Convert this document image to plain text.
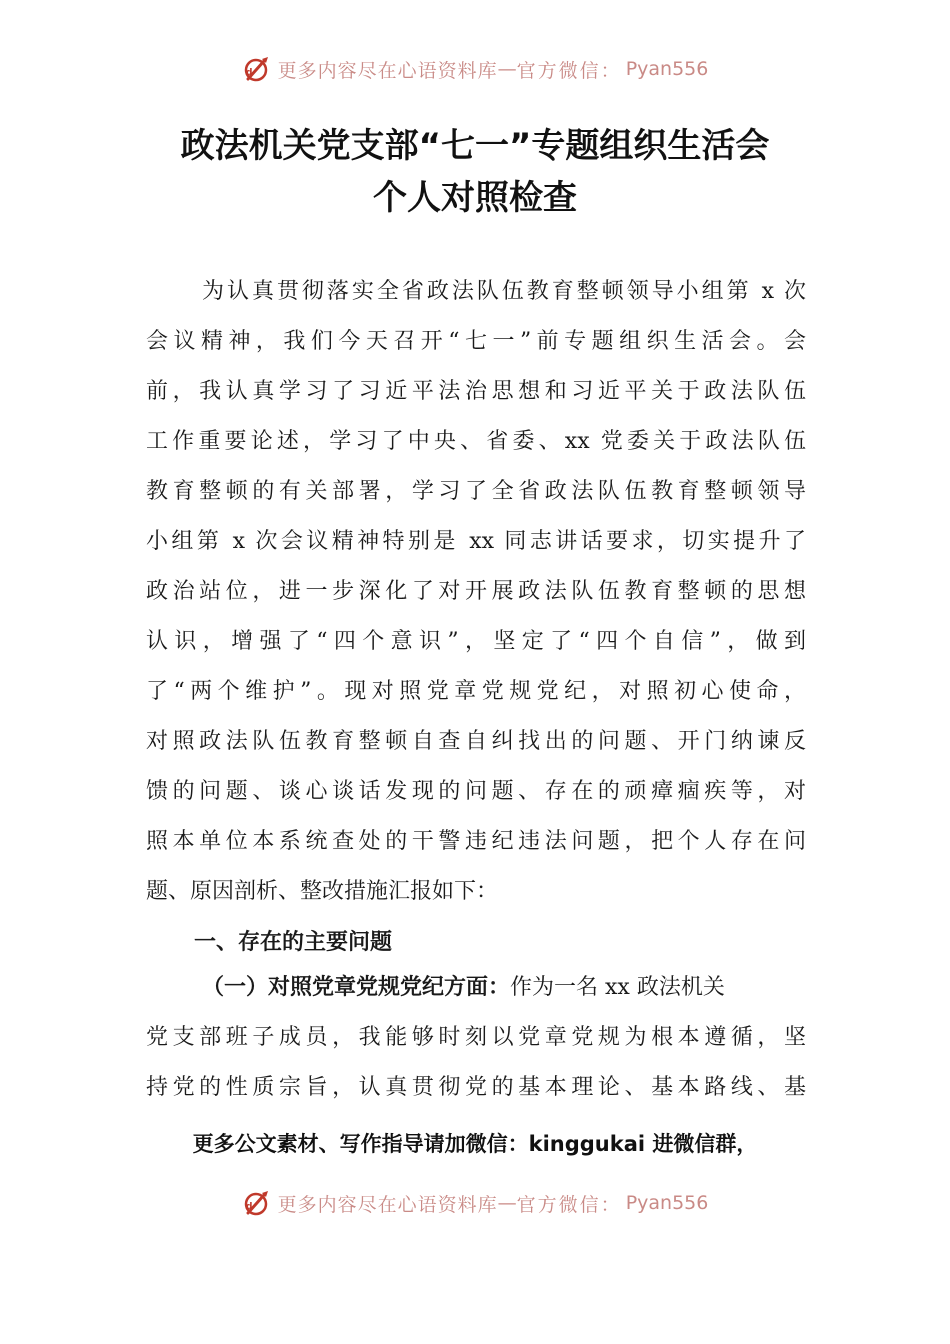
d 更多内容尽在心语资料库 — 官方微信： Pyan556
政法机关党支部“七一”专题组织生活会
个人对照检查
为认真贯彻落实全省政法队伍教育整顿领导小组第 x 次
会议精神，我们今天召开“七一”前专题组织生活会。会
前，我认真学习了习近平法治思想和习近平关于政法队伍
工作重要论述，学习了中央、省委、xx 党委关于政法队伍
教育整顿的有关部署，学习了全省政法队伍教育整顿领导
小组第 x 次会议精神特别是 xx 同志讲话要求，切实提升了
政治站位，进一步深化了对开展政法队伍教育整顿的思想
认识，增强了“四个意识”，坚定了“四个自信”，做到
了“两个维护”。现对照党章党规党纪，对照初心使命，
对照政法队伍教育整顿自查自纠找出的问题、开门纳谏反
馈的问题、谈心谈话发现的问题、存在的顽瘴痼疾等，对
照本单位本系统查处的干警违纪违法问题，把个人存在问
题、原因剖析、整改措施汇报如下：
一、存在的主要问题
（一）对照党章党规党纪方面：作为一名 xx 政法机关
党支部班子成员，我能够时刻以党章党规为根本遵循，坚
持党的性质宗旨，认真贯彻党的基本理论、基本路线、基
更多公文素材、写作指导请加微信：kinggukai 进微信群，
d 更多内容尽在心语资料库 — 官方微信： Pyan556
